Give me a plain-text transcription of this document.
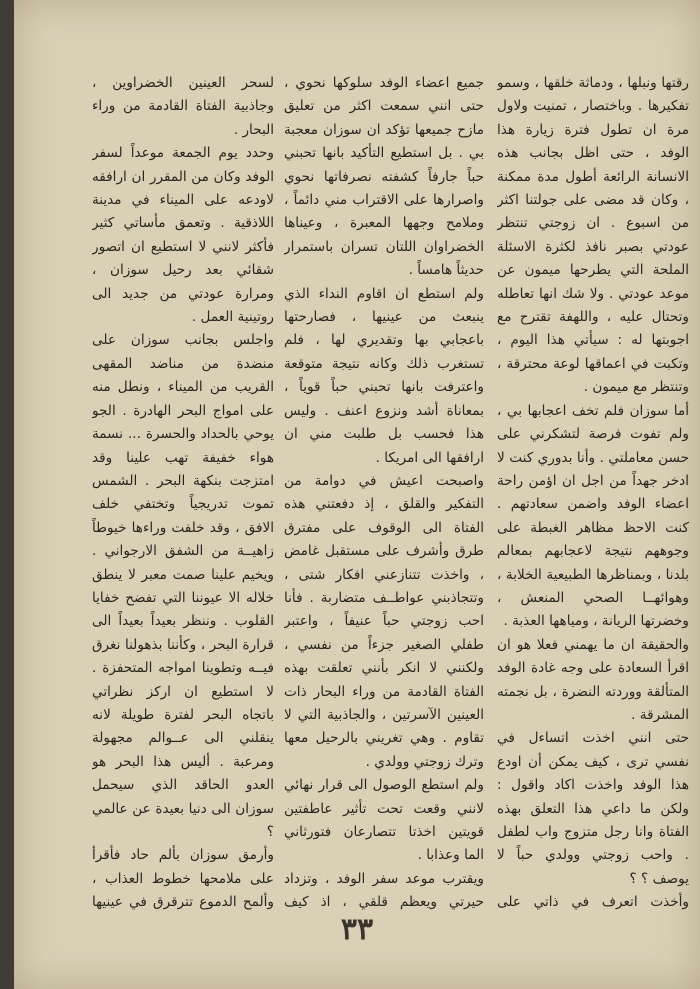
رقتها ونبلها ، ودماثة خلقها ، وسمو تفكيرها . وباختصار ، تمنيت ولاول مرة ان تطول فترة زيارة هذا الوفد ، حتى اظل بجانب هذه الانسانة الرائعة أطول مدة ممكنة ، وكان قد مضى على جولتنا اكثر من اسبوع . ان زوجتي تنتظر عودتي بصبر نافذ لكثرة الاسئلة الملحة التي يطرحها ميمون عن موعد عودتي . ولا شك انها تعاطله وتحتال عليه ، واللهفة تقترح مع اجوبتها له : سيأتي هذا اليوم ، وتكبت في اعماقها لوعة محترقة ، وتنتظر مع ميمون .

أما سوزان فلم تخف اعجابها بي ، ولم تفوت فرصة لتشكرني على حسن معاملتي . وأنا بدوري كنت لا ادخر جهداً من اجل ان اؤمن راحة اعضاء الوفد واضمن سعادتهم . كنت الاحظ مظاهر الغبطة على وجوههم نتيجة لاعجابهم بمعالم بلدنا ، وبمناظرها الطبيعية الخلابة ، وهوائهــا الصحي المنعش ، وخضرتها الريانة ، ومياهها العذبة .

والحقيقة ان ما يهمني فعلا هو ان اقرأ السعادة على وجه غادة الوفد المتألقة ووردته النضرة ، بل نجمته المشرقة .

حتى انني اخذت اتساءل في نفسي ترى ، كيف يمكن أن اودع هذا الوفد واخذت اكاد واقول : ولكن ما داعي هذا التعلق بهذه الفتاة وانا رجل متزوج واب لطفل . واحب زوجتي وولدي حباً لا يوصف ؟ ؟

وأخذت اتعرف في ذاتي على

جميع اعضاء الوفد سلوكها نحوي ، حتى انني سمعت اكثر من تعليق مازح جميعها تؤكد ان سوزان معجبة بي . بل استطيع التأكيد بانها تحبني حباً جارفاً كشفته نصرفاتها نحوي واصرارها على الاقتراب مني دائماً ، وملامح وجهها المعبرة ، وعيناها الخضراوان اللتان تسران باستمرار حديثاً هامساً .

ولم استطع ان اقاوم النداء الذي ينبعث من عينيها ، فصارحتها باعجابي بها وتقديري لها ، فلم تستغرب ذلك وكانه نتيجة متوقعة واعترفت بانها تحبني حباً قوياً ، بمعاناة أشد ونزوع اعنف . وليس هذا فحسب بل طلبت مني ان ارافقها الى امريكا .

واصبحت اعيش في دوامة من التفكير والقلق ، إذ دفعتني هذه الفتاة الى الوقوف على مفترق طرق وأشرف على مستقبل غامض ، واخذت تتنازعني افكار شتى ، وتتجاذبني عواطــف متضاربة . فأنا احب زوجتي حباً عنيفاً ، واعتبر طفلي الصغير جزءاً من نفسي ، ولكنني لا انكر بأنني تعلقت بهذه الفتاة القادمة من وراء البحار ذات العينين الآسرتين ، والجاذبية التي لا تقاوم . وهي تغريني بالرحيل معها وترك زوجتي وولدي .

ولم استطع الوصول الى قرار نهائي لانني وقعت تحت تأثير عاطفتين قويتين اخذتا تتصارعان فتورثاني الما وعذابا .

ويقترب موعد سفر الوفد ، وتزداد حيرتي ويعظم قلقي ، اذ كيف

لسحر العينين الخضراوين ، وجاذبية الفتاة القادمة من وراء البحار .

وحدد يوم الجمعة موعداً لسفر الوفد وكان من المقرر ان ارافقه لاودعه على الميناء في مدينة اللاذقية . وتعمق مأساتي كثير فأكثر لانني لا استطيع ان اتصور شقائي بعد رحيل سوزان ، ومرارة عودتي من جديد الى روتينية العمل .

واجلس بجانب سوزان على منضدة من مناضد المقهى القريب من الميناء ، ونطل منه على امواج البحر الهادرة . الجو يوحي بالحداد والحسرة ... نسمة هواء خفيفة تهب علينا وقد امتزجت بنكهة البحر . الشمس تموت تدريجياً وتختفي خلف الافق ، وقد خلفت وراءها خيوطاً زاهيــة من الشفق الارجواني . ويخيم علينا صمت معبر لا ينطق خلاله الا عيوننا التي تفضح خفايا القلوب . وننظر بعيداً بعيداً الى قرارة البحر ، وكأننا بذهولنا نغرق فيــه وتطوينا امواجه المتحفزة . لا استطيع ان اركز نظراتي باتجاه البحر لفترة طويلة لانه ينقلني الى عــوالم مجهولة ومرعبة . أليس هذا البحر هو العدو الحاقد الذي سيحمل سوزان الى دنيا بعيدة عن عالمي ؟

وأرمق سوزان بألم حاد فأقرأ على ملامحها خطوط العذاب ، وألمح الدموع تترقرق في عينيها

٣٣
